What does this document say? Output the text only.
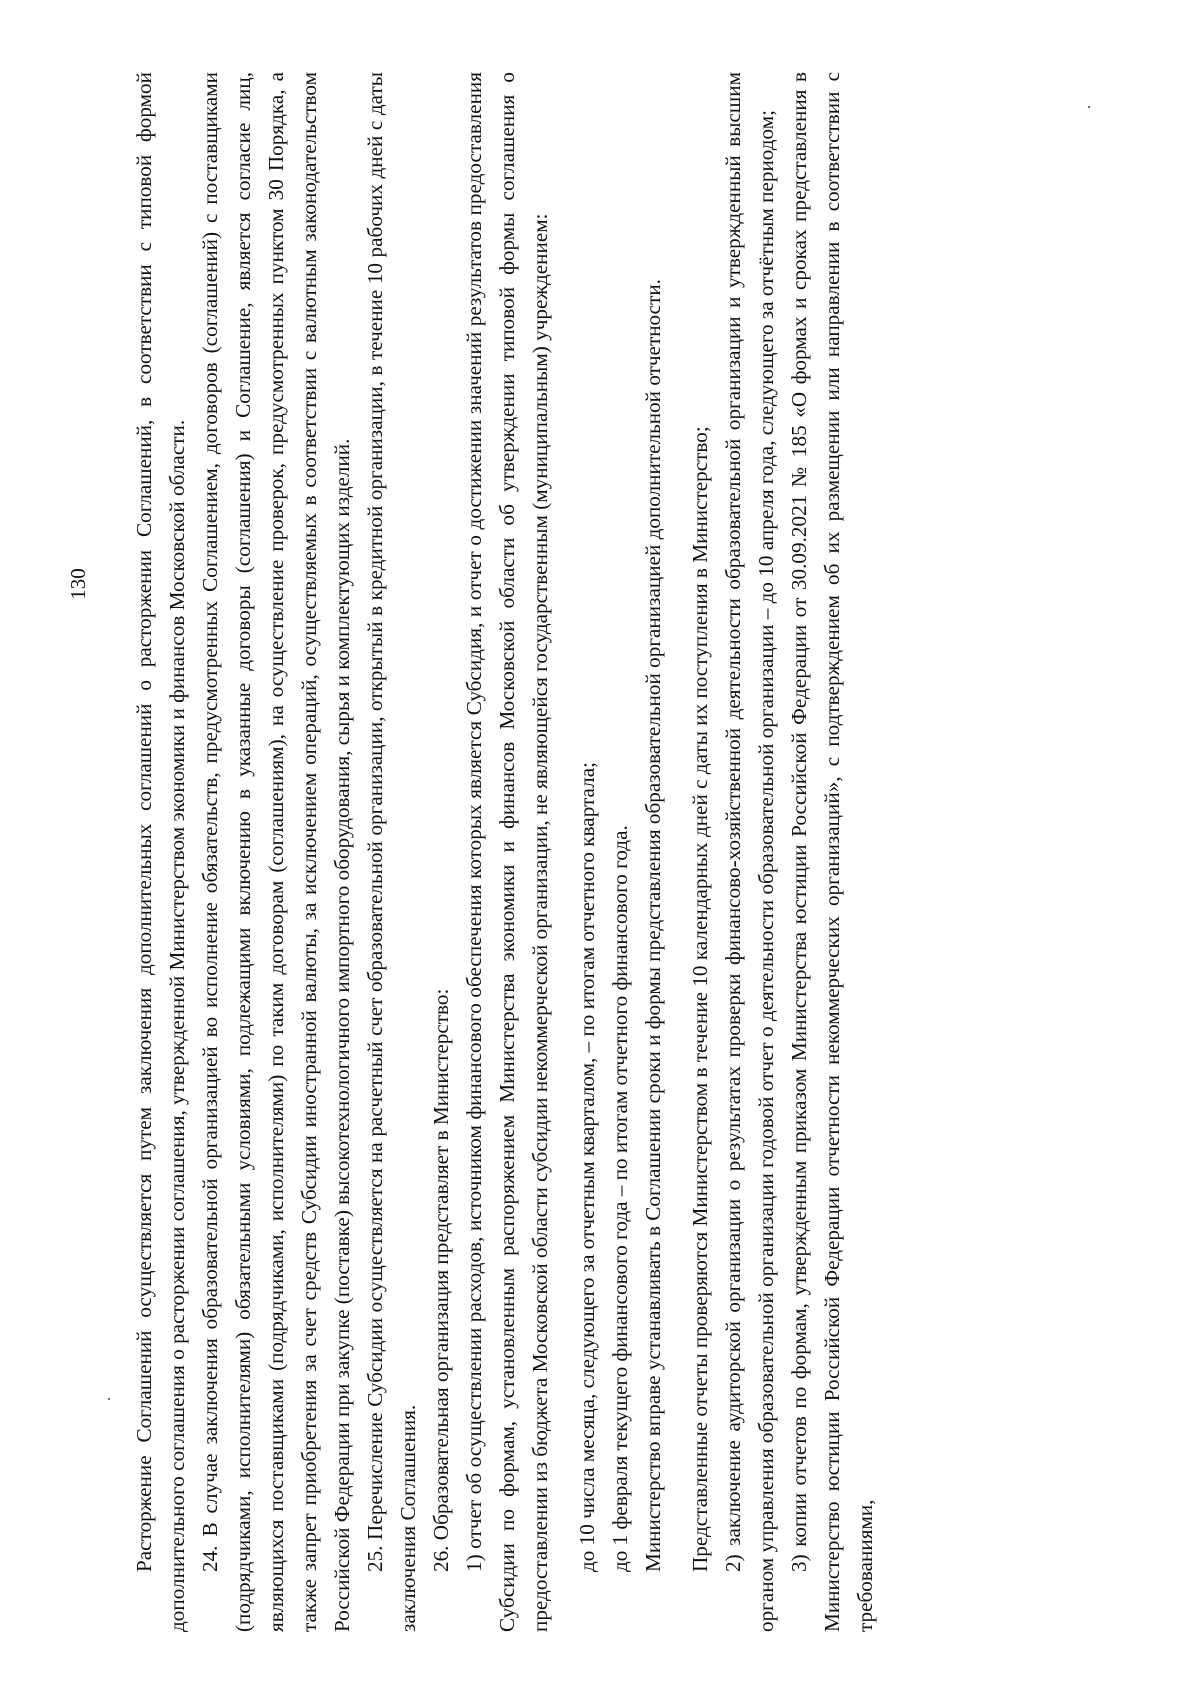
130 Расторжение Соглашений осуществляется путем заключения дополнительных соглашений о расторжении Соглашений, в соответствии с типовой формой дополнительного соглашения о расторжении соглашения, утвержденной Министерством экономики и финансов Московской области. 24. В случае заключения образовательной организацией во исполнение обязательств, предусмотренных Соглашением, договоров (соглашений) с поставщиками (подрядчиками, исполнителями) обязательными условиями, подлежащими включению в указанные договоры (соглашения) и Соглашение, является согласие лиц, являющихся поставщиками (подрядчиками, исполнителями) по таким договорам (соглашениям), на осуществление проверок, предусмотренных пунктом 30 Порядка, а также запрет приобретения за счет средств Субсидии иностранной валюты, за исключением операций, осуществляемых в соответствии с валютным законодательством Российской Федерации при закупке (поставке) высокотехнологичного импортного оборудования, сырья и комплектующих изделий. 25. Перечисление Субсидии осуществляется на расчетный счет образовательной организации, открытый в кредитной организации, в течение 10 рабочих дней с даты заключения Соглашения. 26. Образовательная организация представляет в Министерство: 1) отчет об осуществлении расходов, источником финансового обеспечения которых является Субсидия, и отчет о достижении значений результатов предоставления Субсидии по формам, установленным распоряжением Министерства экономики и финансов Московской области об утверждении типовой формы соглашения о предоставлении из бюджета Московской области субсидии некоммерческой организации, не являющейся государственным (муниципальным) учреждением: до 10 числа месяца, следующего за отчетным кварталом, – по итогам отчетного квартала; до 1 февраля текущего финансового года – по итогам отчетного финансового года. Министерство вправе устанавливать в Соглашении сроки и формы представления образовательной организацией дополнительной отчетности. Представленные отчеты проверяются Министерством в течение 10 календарных дней с даты их поступления в Министерство; 2) заключение аудиторской организации о результатах проверки финансово-хозяйственной деятельности образовательной организации и утвержденный высшим органом управления образовательной организации годовой отчет о деятельности образовательной организации – до 10 апреля года, следующего за отчётным периодом; 3) копии отчетов по формам, утвержденным приказом Министерства юстиции Российской Федерации от 30.09.2021 № 185 «О формах и сроках представления в Министерство юстиции Российской Федерации отчетности некоммерческих организаций», с подтверждением об их размещении или направлении в соответствии с требованиями,
